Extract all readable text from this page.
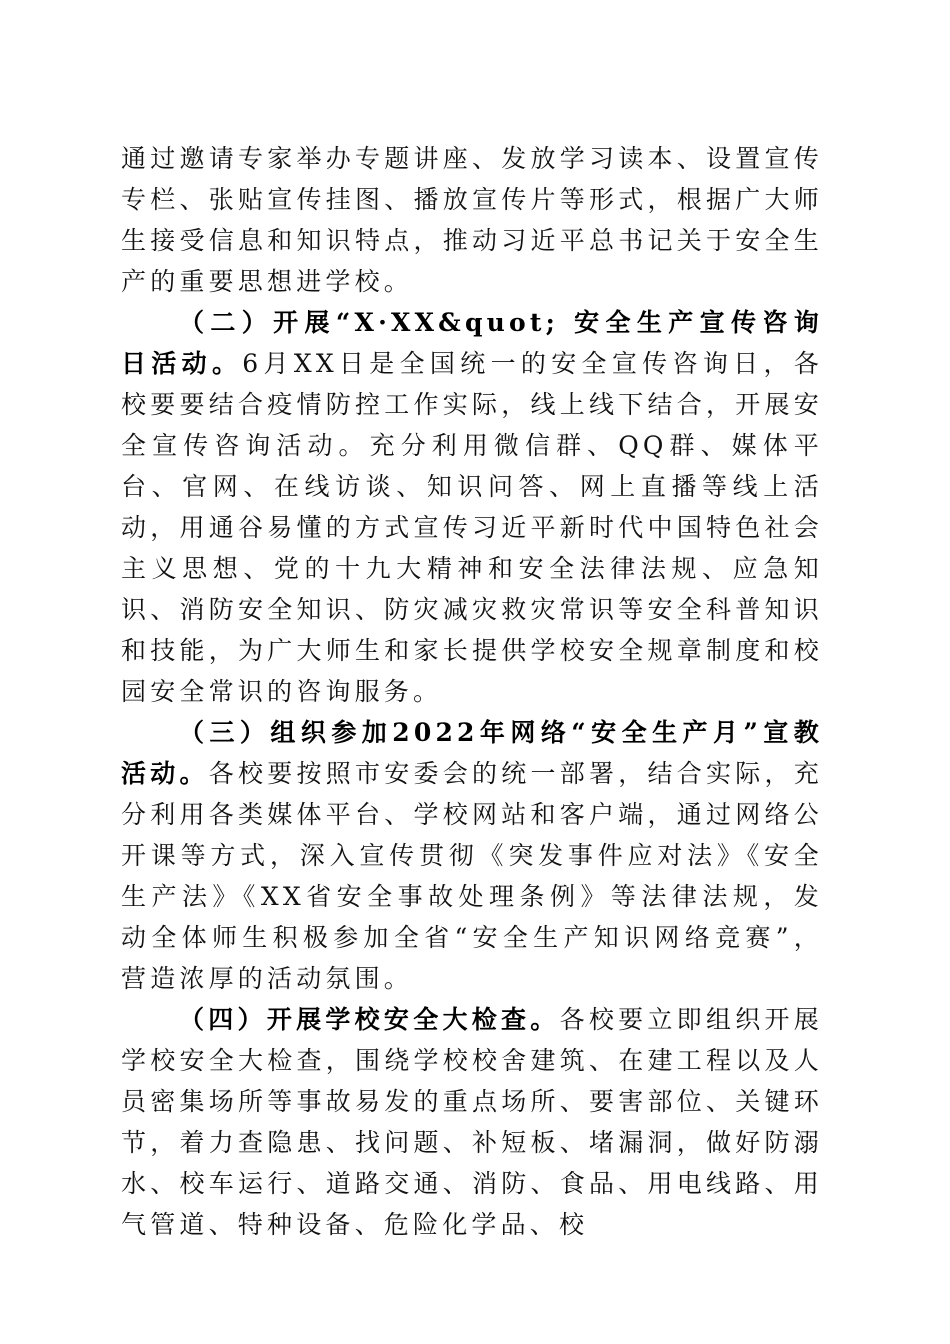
通过邀请专家举办专题讲座、发放学习读本、设置宣传专栏、张贴宣传挂图、播放宣传片等形式，根据广大师生接受信息和知识特点，推动习近平总书记关于安全生产的重要思想进学校。

（二）开展“X·XX&quot; 安全生产宣传咨询日活动。6月XX日是全国统一的安全宣传咨询日，各校要要结合疫情防控工作实际，线上线下结合，开展安全宣传咨询活动。充分利用微信群、QQ群、媒体平台、官网、在线访谈、知识问答、网上直播等线上活动，用通谷易懂的方式宣传习近平新时代中国特色社会主义思想、党的十九大精神和安全法律法规、应急知识、消防安全知识、防灾减灾救灾常识等安全科普知识和技能，为广大师生和家长提供学校安全规章制度和校园安全常识的咨询服务。

（三）组织参加2022年网络“安全生产月”宣教活动。各校要按照市安委会的统一部署，结合实际，充分利用各类媒体平台、学校网站和客户端，通过网络公开课等方式，深入宣传贯彻《突发事件应对法》《安全生产法》《XX省安全事故处理条例》等法律法规，发动全体师生积极参加全省“安全生产知识网络竞赛”，营造浓厚的活动氛围。

（四）开展学校安全大检查。各校要立即组织开展学校安全大检查，围绕学校校舍建筑、在建工程以及人员密集场所等事故易发的重点场所、要害部位、关键环节，着力查隐患、找问题、补短板、堵漏洞，做好防溺水、校车运行、道路交通、消防、食品、用电线路、用气管道、特种设备、危险化学品、校
